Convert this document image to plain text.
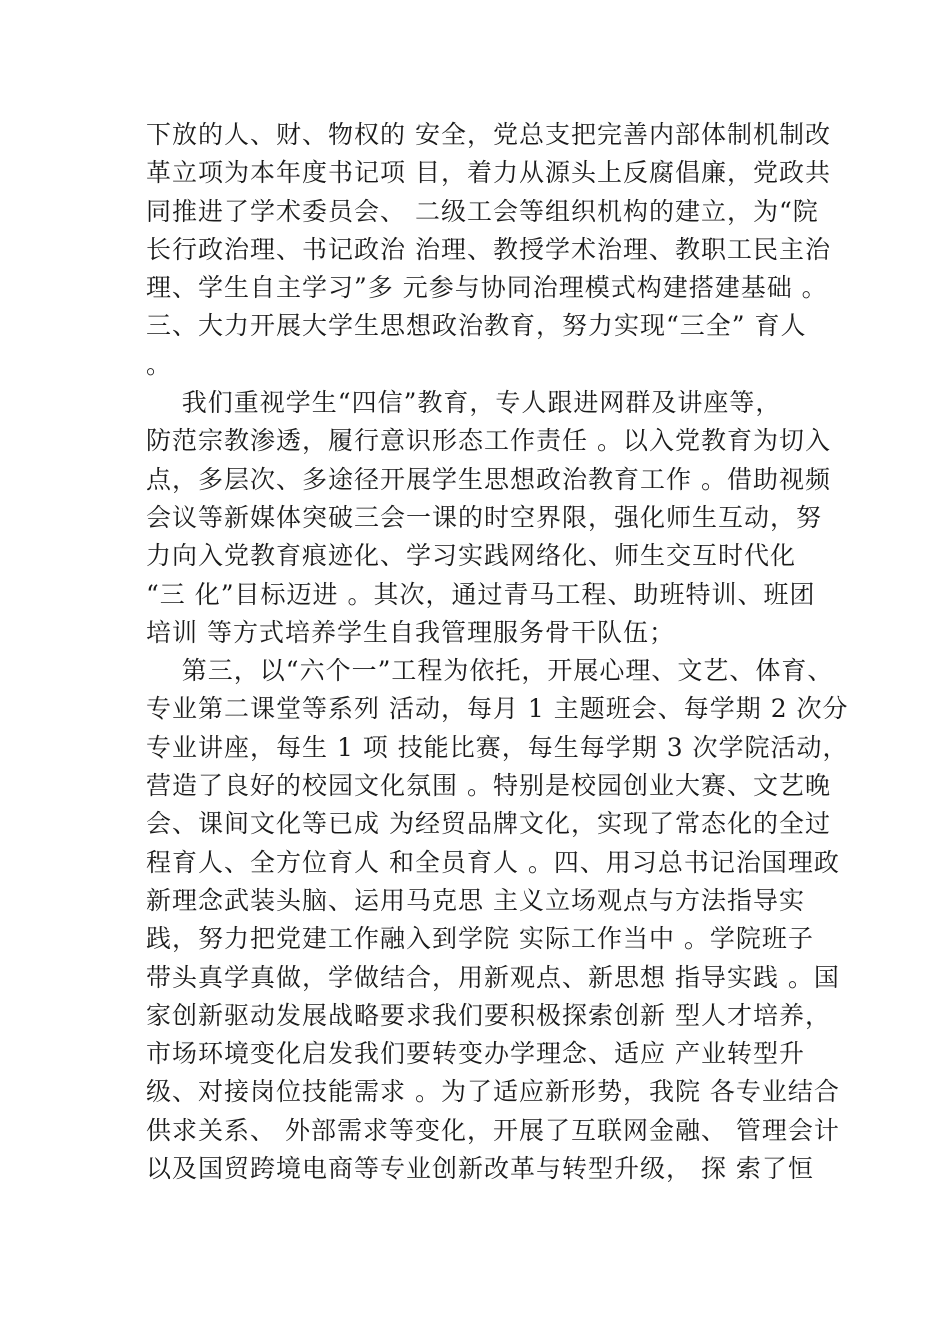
下放的人、财、物权的 安全，党总支把完善内部体制机制改
革立项为本年度书记项 目，着力从源头上反腐倡廉，党政共
同推进了学术委员会、 二级工会等组织机构的建立，为“院
长行政治理、书记政治 治理、教授学术治理、教职工民主治
理、学生自主学习”多 元参与协同治理模式构建搭建基础 。
三、大力开展大学生思想政治教育，努力实现“三全” 育人
。
我们重视学生“四信”教育，专人跟进网群及讲座等，
防范宗教渗透，履行意识形态工作责任 。以入党教育为切入
点，多层次、多途径开展学生思想政治教育工作 。借助视频
会议等新媒体突破三会一课的时空界限，强化师生互动，努
力向入党教育痕迹化、学习实践网络化、师生交互时代化
“三 化”目标迈进 。其次，通过青马工程、助班特训、班团
培训 等方式培养学生自我管理服务骨干队伍；
第三，以“六个一”工程为依托，开展心理、文艺、体育、
专业第二课堂等系列 活动，每月 1 主题班会、每学期 2 次分
专业讲座，每生 1 项 技能比赛，每生每学期 3 次学院活动，
营造了良好的校园文化氛围 。特别是校园创业大赛、文艺晚
会、课间文化等已成 为经贸品牌文化，实现了常态化的全过
程育人、全方位育人 和全员育人 。四、用习总书记治国理政
新理念武装头脑、运用马克思 主义立场观点与方法指导实
践，努力把党建工作融入到学院 实际工作当中 。学院班子
带头真学真做，学做结合，用新观点、新思想 指导实践 。国
家创新驱动发展战略要求我们要积极探索创新 型人才培养，
市场环境变化启发我们要转变办学理念、适应 产业转型升
级、对接岗位技能需求 。为了适应新形势，我院 各专业结合
供求关系、 外部需求等变化，开展了互联网金融、 管理会计
以及国贸跨境电商等专业创新改革与转型升级， 探 索了恒
